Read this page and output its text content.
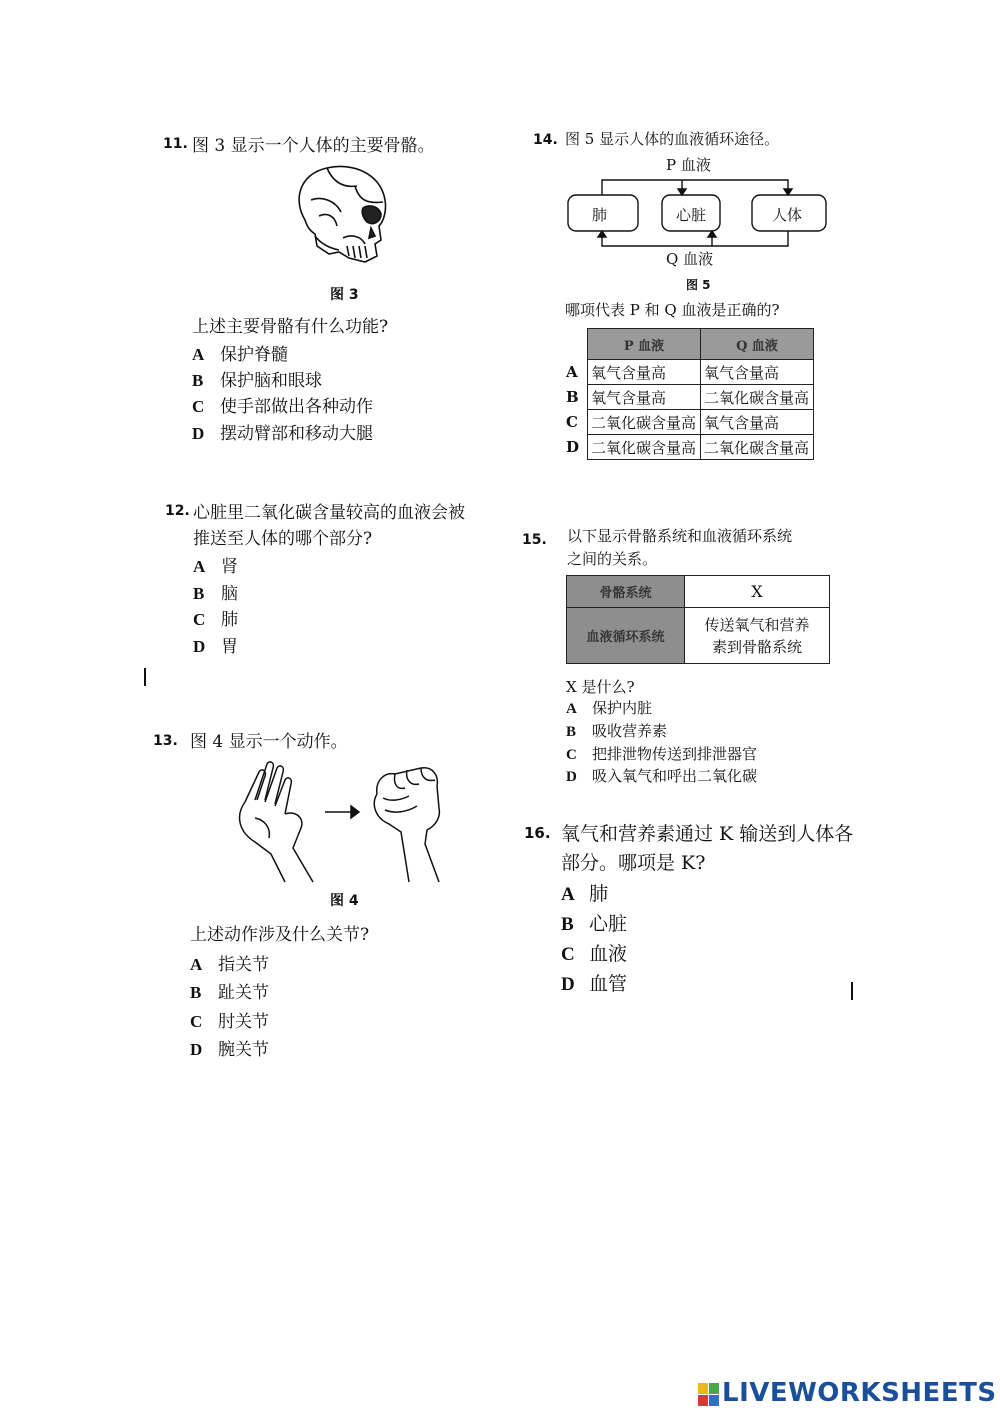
11. 图 3 显示一个人体的主要骨骼。
图 3
上述主要骨骼有什么功能?
A 保护脊髓
B 保护脑和眼球
C 使手部做出各种动作
D 摆动臂部和移动大腿
12. 心脏里二氧化碳含量较高的血液会被
推送至人体的哪个部分?
A 肾
B 脑
C 肺
D 胃
13. 图 4 显示一个动作。
图 4
上述动作涉及什么关节?
A 指关节
B 趾关节
C 肘关节
D 腕关节
14. 图 5 显示人体的血液循环途径。
P 血液
Q 血液
肺	心脏	人体
图 5
哪项代表 P 和 Q 血液是正确的?
	P 血液	Q 血液
A	氧气含量高	氧气含量高
B	氧气含量高	二氧化碳含量高
C	二氧化碳含量高	氧气含量高
D	二氧化碳含量高	二氧化碳含量高
15. 以下显示骨骼系统和血液循环系统
之间的关系。
骨骼系统	X
血液循环系统	传送氧气和营养
素到骨骼系统
X 是什么?
A 保护内脏
B 吸收营养素
C 把排泄物传送到排泄器官
D 吸入氧气和呼出二氧化碳
16. 氧气和营养素通过 K 输送到人体各
部分。哪项是 K?
A 肺
B 心脏
C 血液
D 血管
LIVEWORKSHEETS
